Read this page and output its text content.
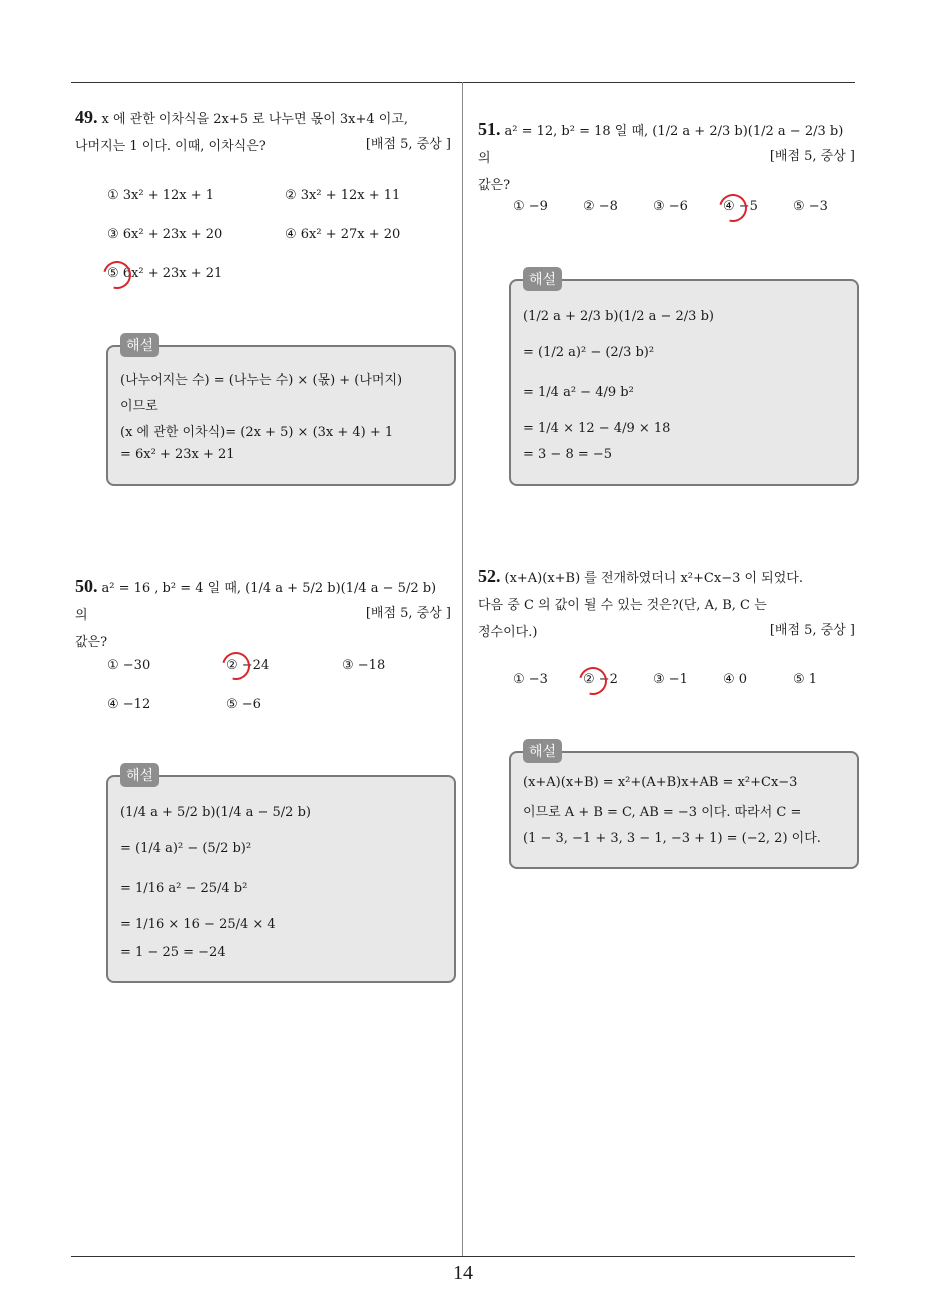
49. x 에 관한 이차식을 2x+5 로 나누면 몫이 3x+4 이고,
나머지는 1 이다. 이때, 이차식은?	[배점 5, 중상 ]
① 3x² + 12x + 1	② 3x² + 12x + 11
③ 6x² + 23x + 20	④ 6x² + 27x + 20
⑤ 6x² + 23x + 21
해설
(나누어지는 수) = (나누는 수) × (몫) + (나머지)
이므로
(x 에 관한 이차식)= (2x + 5) × (3x + 4) + 1
= 6x² + 23x + 21
50. a² = 16 , b² = 4 일 때, (1/4 a + 5/2 b)(1/4 a − 5/2 b) 의
값은?
[배점 5, 중상 ]
① −30	② −24	③ −18
④ −12	⑤ −6
해설
(1/4 a + 5/2 b)(1/4 a − 5/2 b)
= (1/4 a)² − (5/2 b)²
= 1/16 a² − 25/4 b²
= 1/16 × 16 − 25/4 × 4
= 1 − 25 = −24
51. a² = 12, b² = 18 일 때, (1/2 a + 2/3 b)(1/2 a − 2/3 b) 의
값은?
[배점 5, 중상 ]
① −9	② −8	③ −6	④ −5	⑤ −3
해설
(1/2 a + 2/3 b)(1/2 a − 2/3 b)
= (1/2 a)² − (2/3 b)²
= 1/4 a² − 4/9 b²
= 1/4 × 12 − 4/9 × 18
= 3 − 8 = −5
52. (x+A)(x+B) 를 전개하였더니 x²+Cx−3 이 되었다.
다음 중 C 의 값이 될 수 있는 것은?(단, A, B, C 는
정수이다.)	[배점 5, 중상 ]
① −3	② −2	③ −1	④ 0	⑤ 1
해설
(x+A)(x+B) = x²+(A+B)x+AB = x²+Cx−3
이므로 A + B = C, AB = −3 이다. 따라서 C =
(1 − 3, −1 + 3, 3 − 1, −3 + 1) = (−2, 2) 이다.
14
